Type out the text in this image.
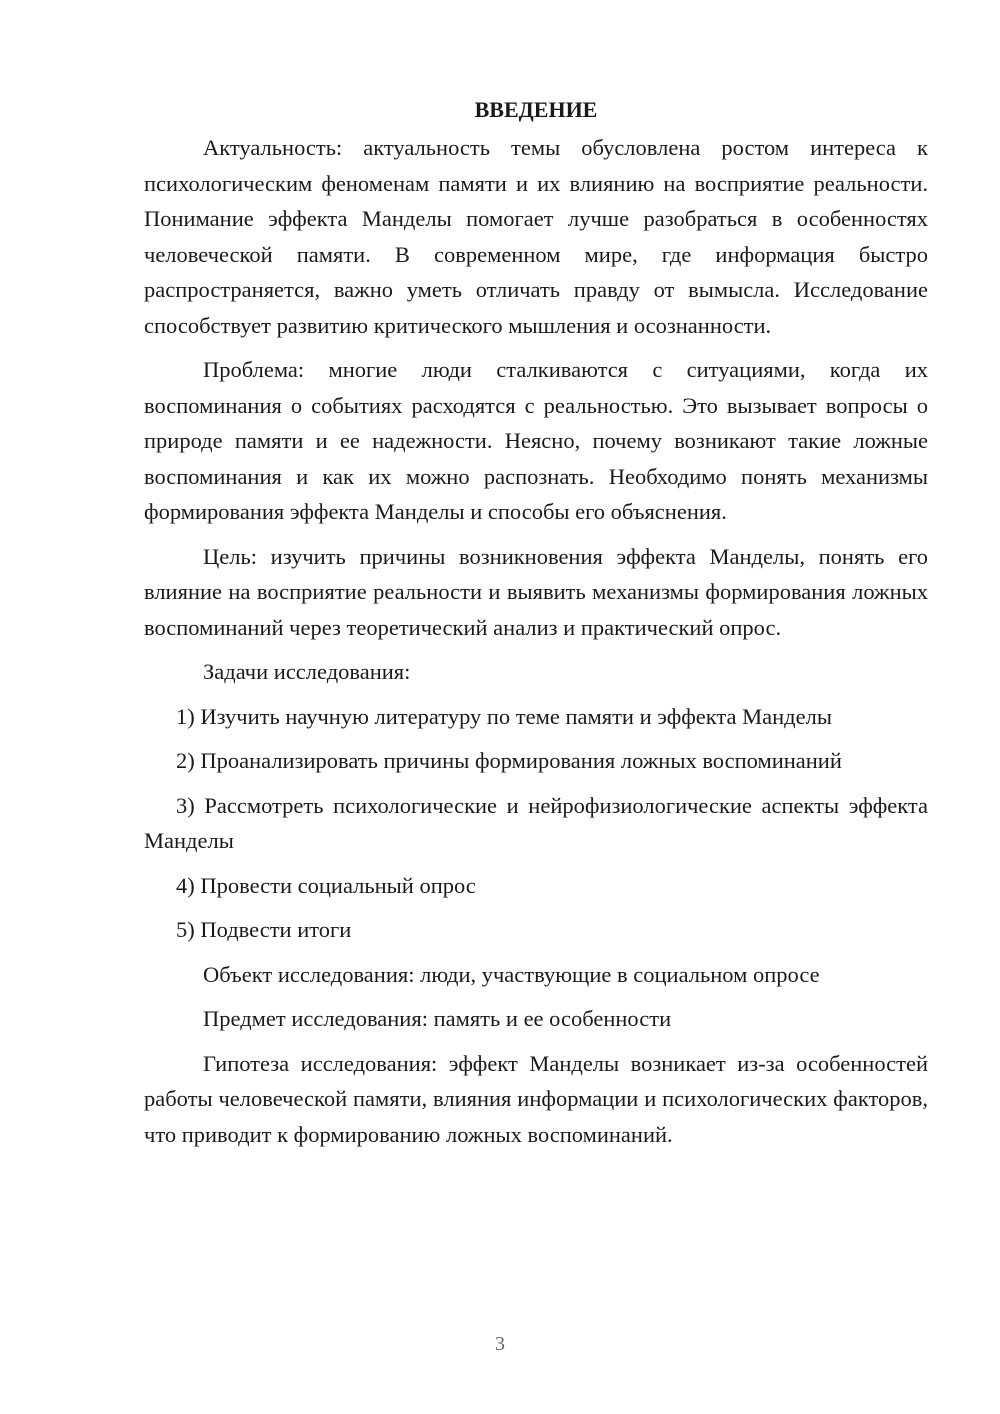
ВВЕДЕНИЕ

Актуальность: актуальность темы обусловлена ростом интереса к психологическим феноменам памяти и их влиянию на восприятие реальности. Понимание эффекта Манделы помогает лучше разобраться в особенностях человеческой памяти. В современном мире, где информация быстро распространяется, важно уметь отличать правду от вымысла. Исследование способствует развитию критического мышления и осознанности.

Проблема: многие люди сталкиваются с ситуациями, когда их воспоминания о событиях расходятся с реальностью. Это вызывает вопросы о природе памяти и ее надежности. Неясно, почему возникают такие ложные воспоминания и как их можно распознать. Необходимо понять механизмы формирования эффекта Манделы и способы его объяснения.

Цель: изучить причины возникновения эффекта Манделы, понять его влияние на восприятие реальности и выявить механизмы формирования ложных воспоминаний через теоретический анализ и практический опрос.

Задачи исследования:

1) Изучить научную литературу по теме памяти и эффекта Манделы

2) Проанализировать причины формирования ложных воспоминаний

3) Рассмотреть психологические и нейрофизиологические аспекты эффекта Манделы

4) Провести социальный опрос

5) Подвести итоги

Объект исследования: люди, участвующие в социальном опросе

Предмет исследования: память и ее особенности

Гипотеза исследования: эффект Манделы возникает из-за особенностей работы человеческой памяти, влияния информации и психологических факторов, что приводит к формированию ложных воспоминаний.

3
